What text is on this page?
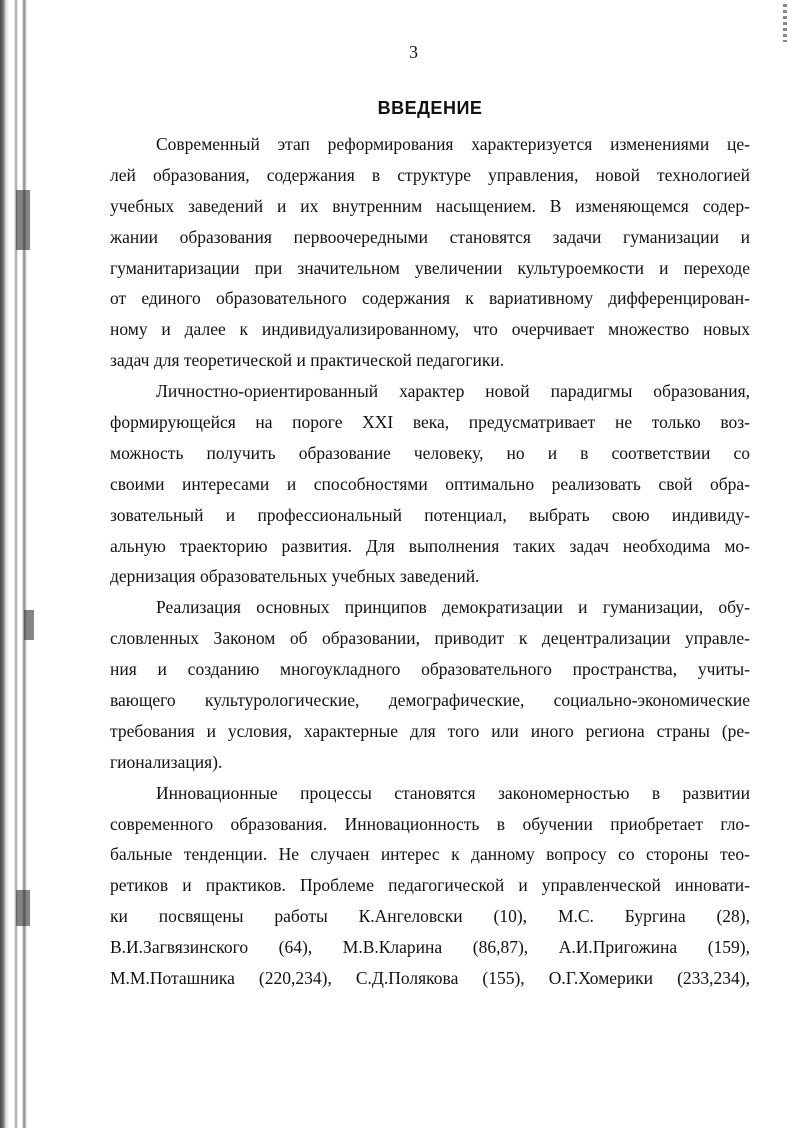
3
ВВЕДЕНИЕ
Современный этап реформирования характеризуется изменениями це-
лей образования, содержания в структуре управления, новой технологией
учебных заведений и их внутренним насыщением. В изменяющемся содер-
жании образования первоочередными становятся задачи гуманизации и
гуманитаризации при значительном увеличении культуроемкости и переходе
от единого образовательного содержания к вариативному дифференцирован-
ному и далее к индивидуализированному, что очерчивает множество новых
задач для теоретической и практической педагогики.
Личностно-ориентированный характер новой парадигмы образования,
формирующейся на пороге XXI века, предусматривает не только воз-
можность получить образование человеку, но и в соответствии со
своими интересами и способностями оптимально реализовать свой обра-
зовательный и профессиональный потенциал, выбрать свою индивиду-
альную траекторию развития. Для выполнения таких задач необходима мо-
дернизация образовательных учебных заведений.
Реализация основных принципов демократизации и гуманизации, обу-
словленных Законом об образовании, приводит к децентрализации управле-
ния и созданию многоукладного образовательного пространства, учиты-
вающего культурологические, демографические, социально-экономические
требования и условия, характерные для того или иного региона страны (ре-
гионализация).
Инновационные процессы становятся закономерностью в развитии
современного образования. Инновационность в обучении приобретает гло-
бальные тенденции. Не случаен интерес к данному вопросу со стороны тео-
ретиков и практиков. Проблеме педагогической и управленческой инновати-
ки посвящены работы К.Ангеловски (10), М.С. Бургина (28),
В.И.Загвязинского (64), М.В.Кларина (86,87), А.И.Пригожина (159),
М.М.Поташника (220,234), С.Д.Полякова (155), О.Г.Хомерики (233,234),
